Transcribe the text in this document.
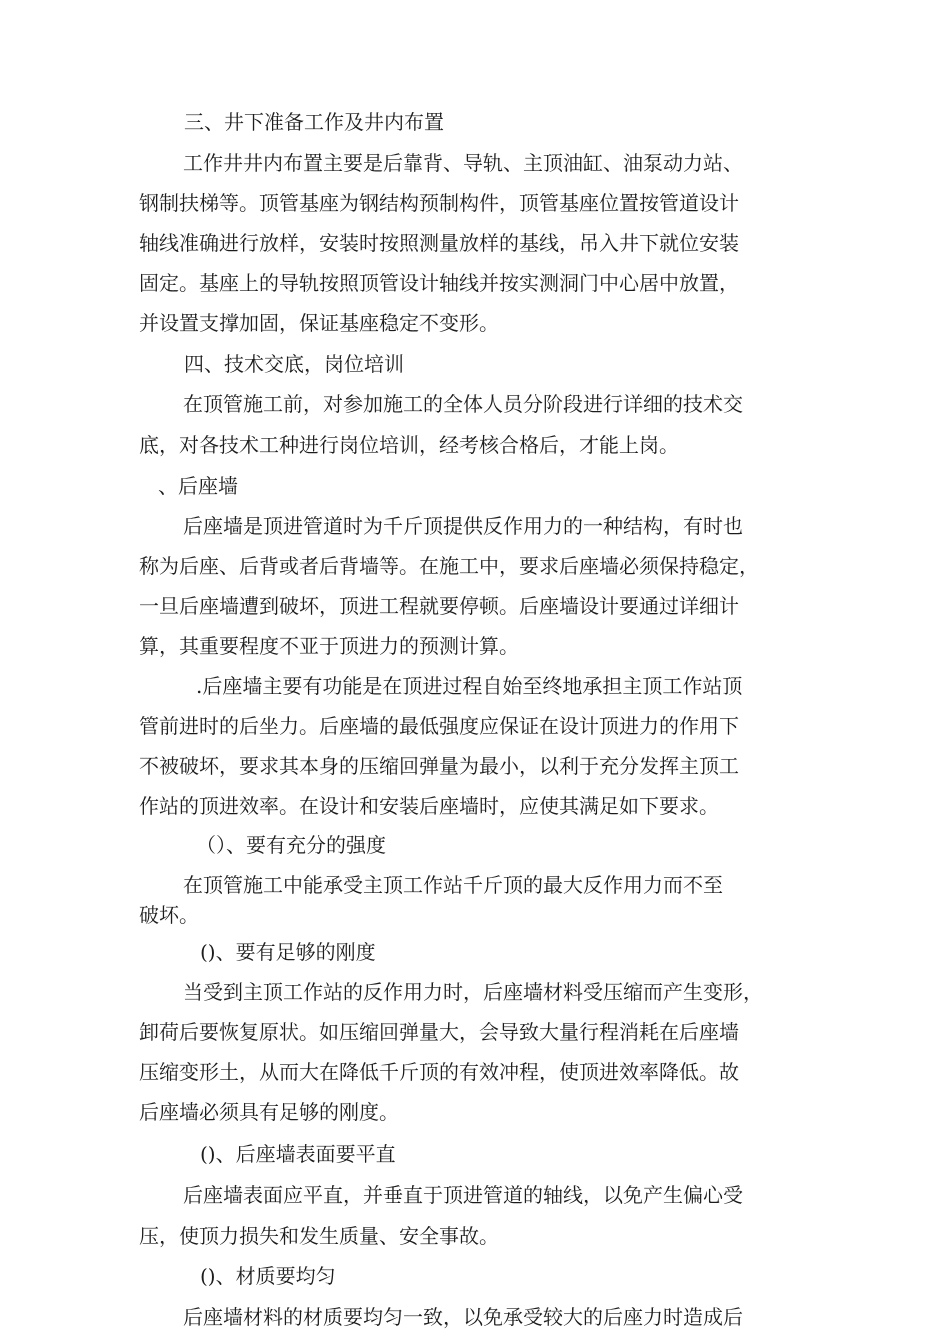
三、井下准备工作及井内布置

工作井井内布置主要是后靠背、导轨、主顶油缸、油泵动力站、

钢制扶梯等。顶管基座为钢结构预制构件，顶管基座位置按管道设计

轴线准确进行放样，安装时按照测量放样的基线，吊入井下就位安装

固定。基座上的导轨按照顶管设计轴线并按实测洞门中心居中放置，

并设置支撑加固，保证基座稳定不变形。

四、技术交底，岗位培训

在顶管施工前，对参加施工的全体人员分阶段进行详细的技术交

底，对各技术工种进行岗位培训，经考核合格后，才能上岗。

、后座墙

后座墙是顶进管道时为千斤顶提供反作用力的一种结构，有时也

称为后座、后背或者后背墙等。在施工中，要求后座墙必须保持稳定，

一旦后座墙遭到破坏，顶进工程就要停顿。后座墙设计要通过详细计

算，其重要程度不亚于顶进力的预测计算。

.后座墙主要有功能是在顶进过程自始至终地承担主顶工作站顶

管前进时的后坐力。后座墙的最低强度应保证在设计顶进力的作用下

不被破坏，要求其本身的压缩回弹量为最小，以利于充分发挥主顶工

作站的顶进效率。在设计和安装后座墙时，应使其满足如下要求。

（）、要有充分的强度

在顶管施工中能承受主顶工作站千斤顶的最大反作用力而不至

破坏。

()、要有足够的刚度

当受到主顶工作站的反作用力时，后座墙材料受压缩而产生变形，

卸荷后要恢复原状。如压缩回弹量大，会导致大量行程消耗在后座墙

压缩变形土，从而大在降低千斤顶的有效冲程，使顶进效率降低。故

后座墙必须具有足够的刚度。

()、后座墙表面要平直

后座墙表面应平直，并垂直于顶进管道的轴线，以免产生偏心受

压，使顶力损失和发生质量、安全事故。

()、材质要均匀

后座墙材料的材质要均匀一致，以免承受较大的后座力时造成后
